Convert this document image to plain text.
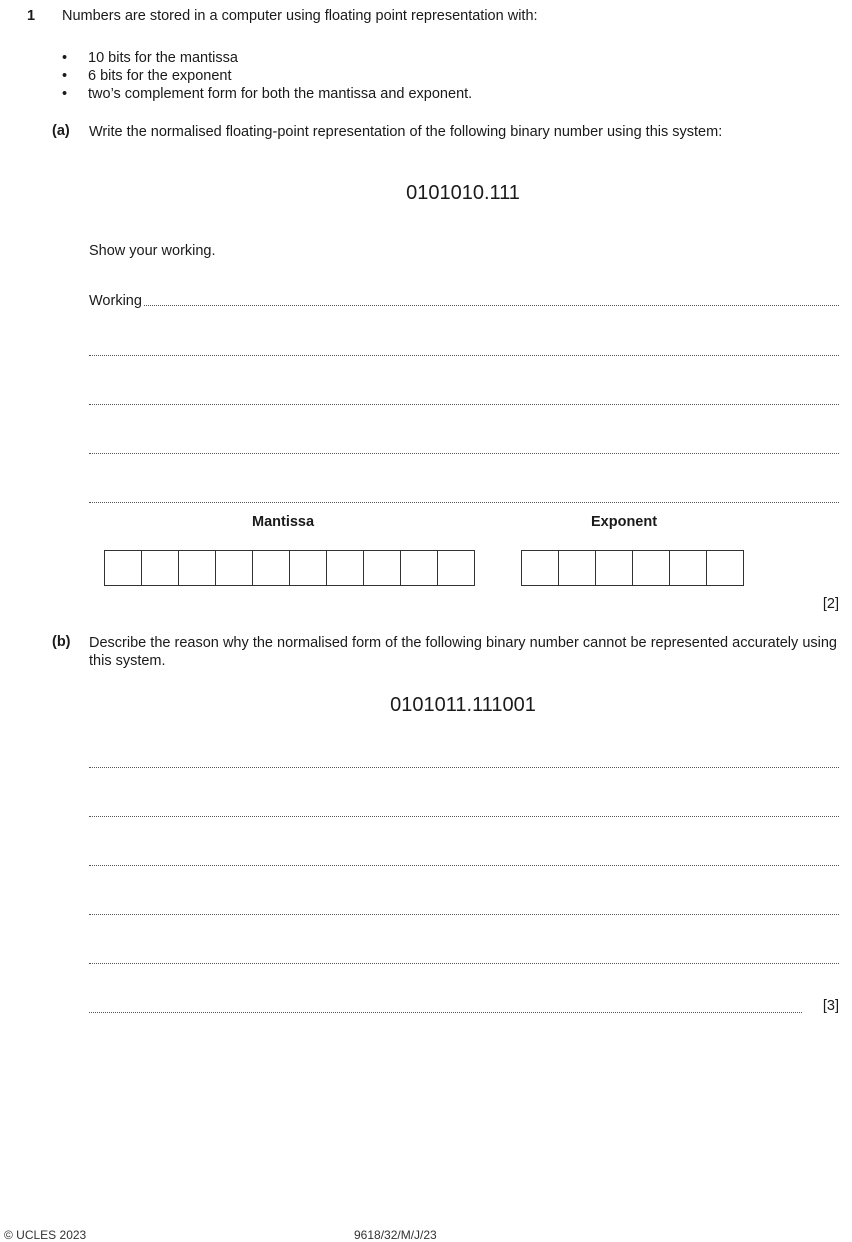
1 Numbers are stored in a computer using floating point representation with:
• 10 bits for the mantissa
• 6 bits for the exponent
• two’s complement form for both the mantissa and exponent.
(a) Write the normalised floating-point representation of the following binary number using this system:
0101010.111
Show your working.
Working
Mantissa	Exponent
[2]
(b) Describe the reason why the normalised form of the following binary number cannot be represented accurately using this system.
0101011.111001
[3]
© UCLES 2023	9618/32/M/J/23
